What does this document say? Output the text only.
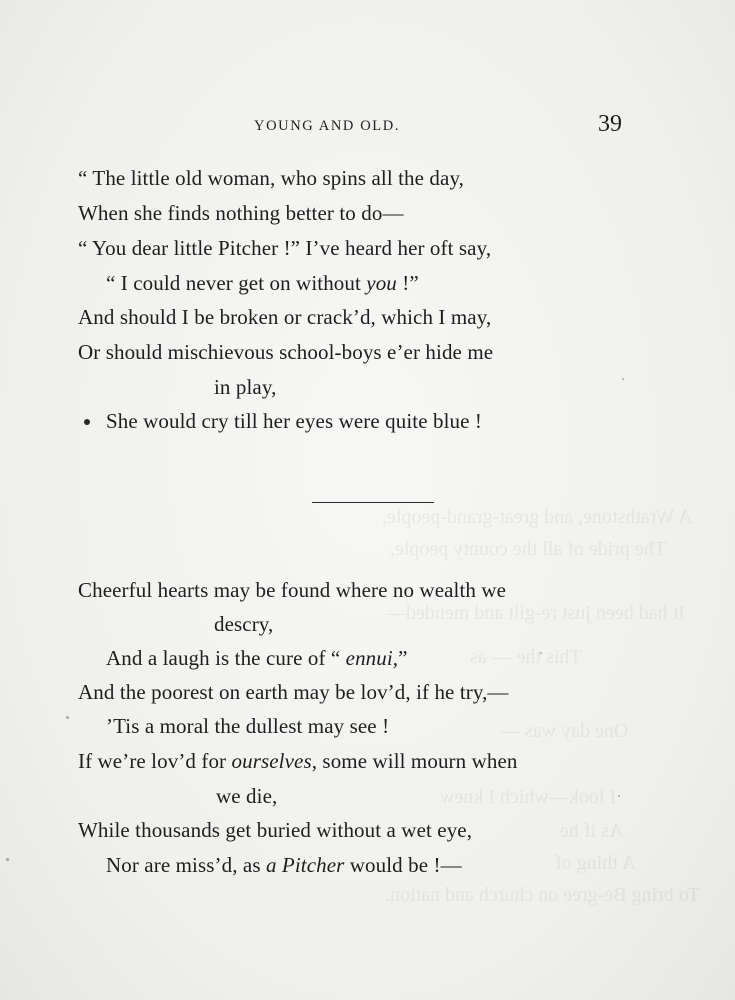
A Wrathstone, and great-grand-people,
The pride of all the county people,
It had been just re-gilt and mended—
This the — as
One day was —
I look—which I knew
As if he
A thing of
To bring Be-gree on church and nation.
YOUNG AND OLD.	39
“ The little old woman, who spins all the day,
When she finds nothing better to do—
“ You dear little Pitcher !” I’ve heard her oft say,
“ I could never get on without you !”
And should I be broken or crack’d, which I may,
Or should mischievous school-boys e’er hide me
in play,
She would cry till her eyes were quite blue !
Cheerful hearts may be found where no wealth we
descry,
And a laugh is the cure of “ ennui,”
And the poorest on earth may be lov’d, if he try,—
’Tis a moral the dullest may see !
If we’re lov’d for ourselves, some will mourn when
we die,
While thousands get buried without a wet eye,
Nor are miss’d, as a Pitcher would be !—
